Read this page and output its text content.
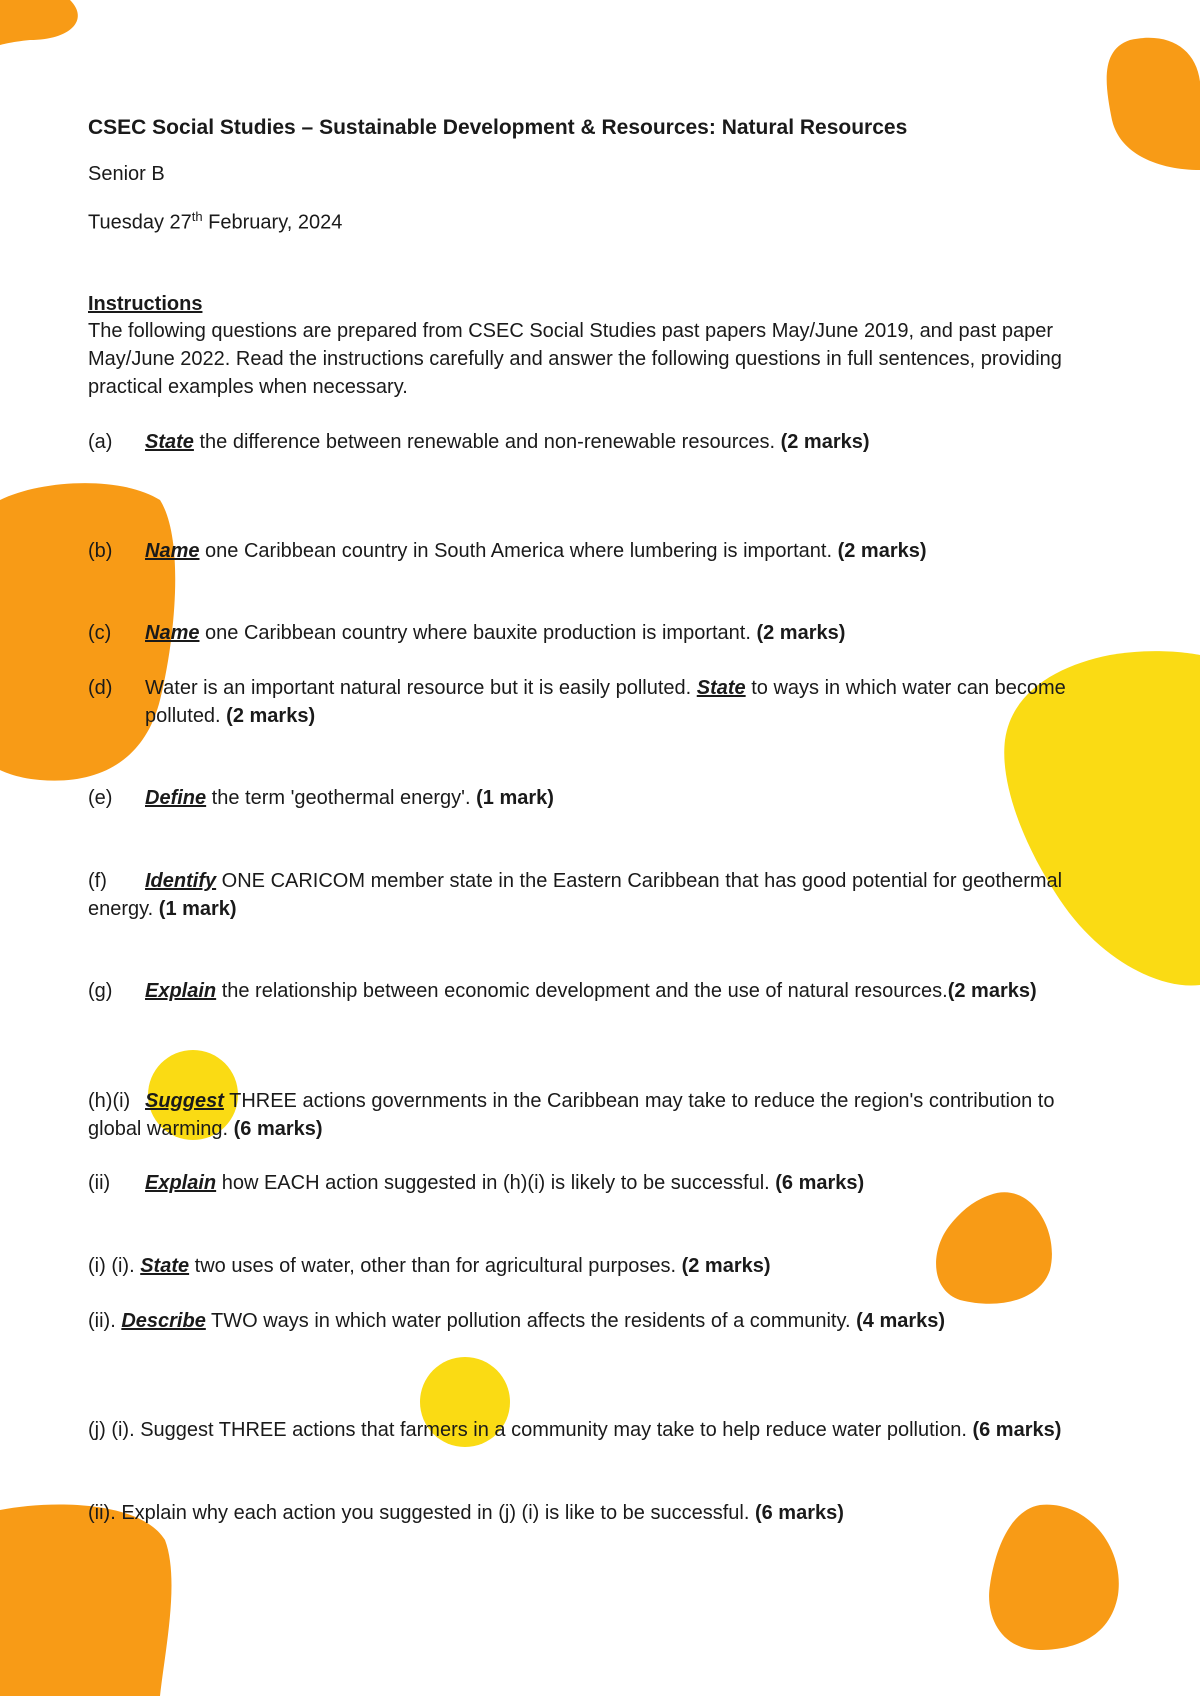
CSEC Social Studies – Sustainable Development & Resources: Natural Resources
Senior B
Tuesday 27th February, 2024
Instructions
The following questions are prepared from CSEC Social Studies past papers May/June 2019, and past paper May/June 2022. Read the instructions carefully and answer the following questions in full sentences, providing practical examples when necessary.
(a) State the difference between renewable and non-renewable resources. (2 marks)
(b) Name one Caribbean country in South America where lumbering is important. (2 marks)
(c) Name one Caribbean country where bauxite production is important. (2 marks)
(d)	Water is an important natural resource but it is easily polluted. State to ways in which water can become polluted. (2 marks)
(e) Define the term 'geothermal energy'. (1 mark)
(f) Identify ONE CARICOM member state in the Eastern Caribbean that has good potential for geothermal energy. (1 mark)
(g) Explain the relationship between economic development and the use of natural resources.(2 marks)
(h)(i) Suggest THREE actions governments in the Caribbean may take to reduce the region's contribution to global warming. (6 marks)
(ii) Explain how EACH action suggested in (h)(i) is likely to be successful. (6 marks)
(i) (i). State two uses of water, other than for agricultural purposes. (2 marks)
(ii). Describe TWO ways in which water pollution affects the residents of a community. (4 marks)
(j) (i). Suggest THREE actions that farmers in a community may take to help reduce water pollution. (6 marks)
(ii). Explain why each action you suggested in (j) (i) is like to be successful. (6 marks)
